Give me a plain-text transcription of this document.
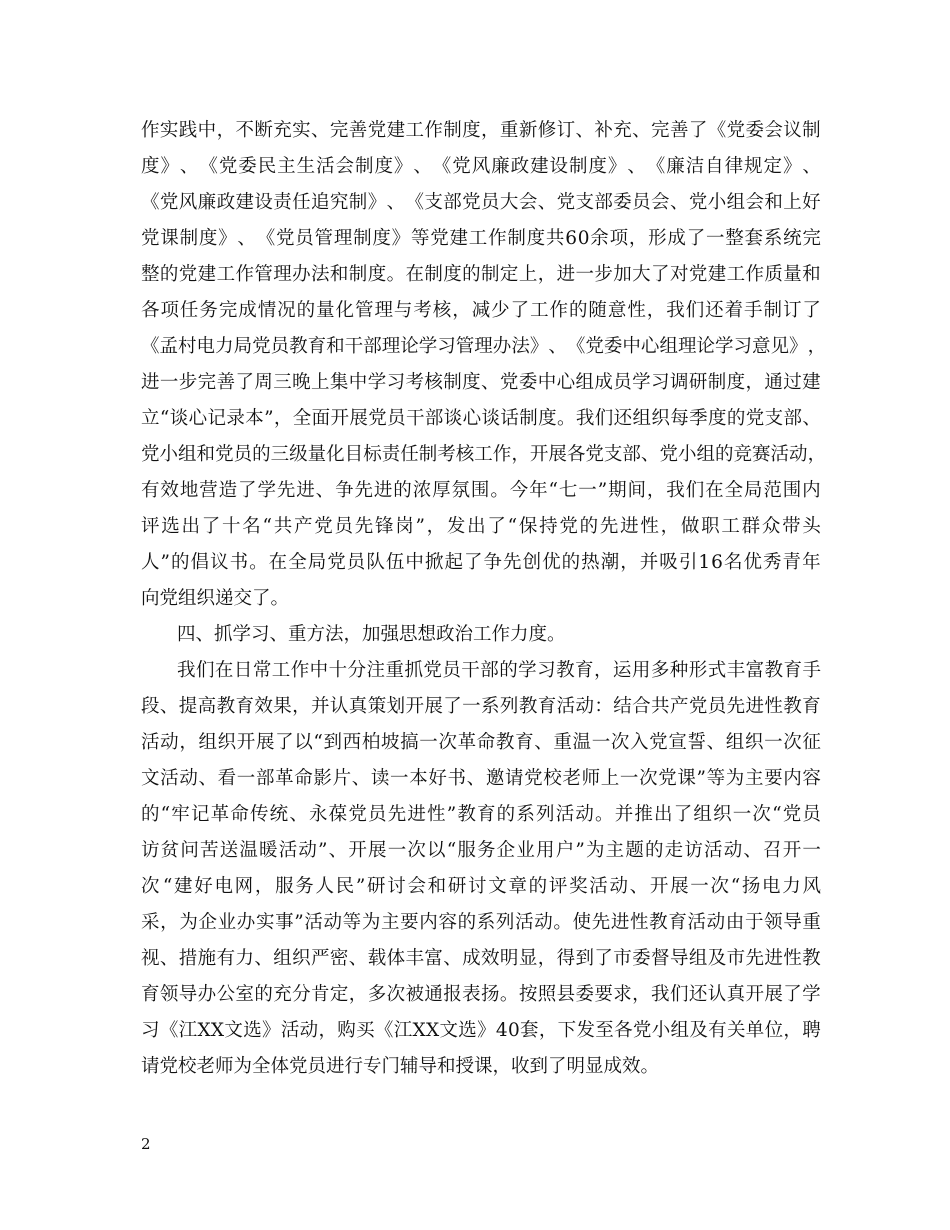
作 实 践 中 ， 不 断 充 实 、 完 善 党 建 工 作 制 度 ， 重 新 修 订 、 补 充 、 完 善 了 《 党 委 会 议 制
度 》 、 《 党 委 民 主 生 活 会 制 度 》 、 《 党 风 廉 政 建 设 制 度 》 、 《 廉 洁 自 律 规 定 》 、
《 党 风 廉 政 建 设 责 任 追 究 制 》 、 《 支 部 党 员 大 会 、 党 支 部 委 员 会 、 党 小 组 会 和 上 好
党 课 制 度 》 、 《 党 员 管 理 制 度 》 等 党 建 工 作 制 度 共 6 0 余 项 ， 形 成 了 一 整 套 系 统 完
整 的 党 建 工 作 管 理 办 法 和 制 度 。 在 制 度 的 制 定 上 ， 进 一 步 加 大 了 对 党 建 工 作 质 量 和
各 项 任 务 完 成 情 况 的 量 化 管 理 与 考 核 ， 减 少 了 工 作 的 随 意 性 ， 我 们 还 着 手 制 订 了
《 孟 村 电 力 局 党 员 教 育 和 干 部 理 论 学 习 管 理 办 法 》 、 《 党 委 中 心 组 理 论 学 习 意 见 》 ，
进 一 步 完 善 了 周 三 晚 上 集 中 学 习 考 核 制 度 、 党 委 中 心 组 成 员 学 习 调 研 制 度 ， 通 过 建
立 “ 谈 心 记 录 本 ” ， 全 面 开 展 党 员 干 部 谈 心 谈 话 制 度 。 我 们 还 组 织 每 季 度 的 党 支 部 、
党 小 组 和 党 员 的 三 级 量 化 目 标 责 任 制 考 核 工 作 ， 开 展 各 党 支 部 、 党 小 组 的 竞 赛 活 动 ，
有 效 地 营 造 了 学 先 进 、 争 先 进 的 浓 厚 氛 围 。 今 年 “ 七 一 ” 期 间 ， 我 们 在 全 局 范 围 内
评 选 出 了 十 名 “ 共 产 党 员 先 锋 岗 ” ， 发 出 了 “ 保 持 党 的 先 进 性 ， 做 职 工 群 众 带 头
人 ” 的 倡 议 书 。 在 全 局 党 员 队 伍 中 掀 起 了 争 先 创 优 的 热 潮 ， 并 吸 引 1 6 名 优 秀 青 年
向党组织递交了。
四、抓学习、重方法，加强思想政治工作力度。
我 们 在 日 常 工 作 中 十 分 注 重 抓 党 员 干 部 的 学 习 教 育 ， 运 用 多 种 形 式 丰 富 教 育 手
段 、 提 高 教 育 效 果 ， 并 认 真 策 划 开 展 了 一 系 列 教 育 活 动 ： 结 合 共 产 党 员 先 进 性 教 育
活 动 ， 组 织 开 展 了 以 “ 到 西 柏 坡 搞 一 次 革 命 教 育 、 重 温 一 次 入 党 宣 誓 、 组 织 一 次 征
文 活 动 、 看 一 部 革 命 影 片 、 读 一 本 好 书 、 邀 请 党 校 老 师 上 一 次 党 课 ” 等 为 主 要 内 容
的 “ 牢 记 革 命 传 统 、 永 葆 党 员 先 进 性 ” 教 育 的 系 列 活 动 。 并 推 出 了 组 织 一 次 “ 党 员
访 贫 问 苦 送 温 暖 活 动 ” 、 开 展 一 次 以 “ 服 务 企 业 用 户 ” 为 主 题 的 走 访 活 动 、 召 开 一
次 “ 建 好 电 网 ， 服 务 人 民 ” 研 讨 会 和 研 讨 文 章 的 评 奖 活 动 、 开 展 一 次 “ 扬 电 力 风
采 ， 为 企 业 办 实 事 ” 活 动 等 为 主 要 内 容 的 系 列 活 动 。 使 先 进 性 教 育 活 动 由 于 领 导 重
视 、 措 施 有 力 、 组 织 严 密 、 载 体 丰 富 、 成 效 明 显 ， 得 到 了 市 委 督 导 组 及 市 先 进 性 教
育 领 导 办 公 室 的 充 分 肯 定 ， 多 次 被 通 报 表 扬 。 按 照 县 委 要 求 ， 我 们 还 认 真 开 展 了 学
习 《 江 X X 文 选 》 活 动 ， 购 买 《 江 X X 文 选 》 4 0 套 ， 下 发 至 各 党 小 组 及 有 关 单 位 ， 聘
请党校老师为全体党员进行专门辅导和授课，收到了明显成效。
2
